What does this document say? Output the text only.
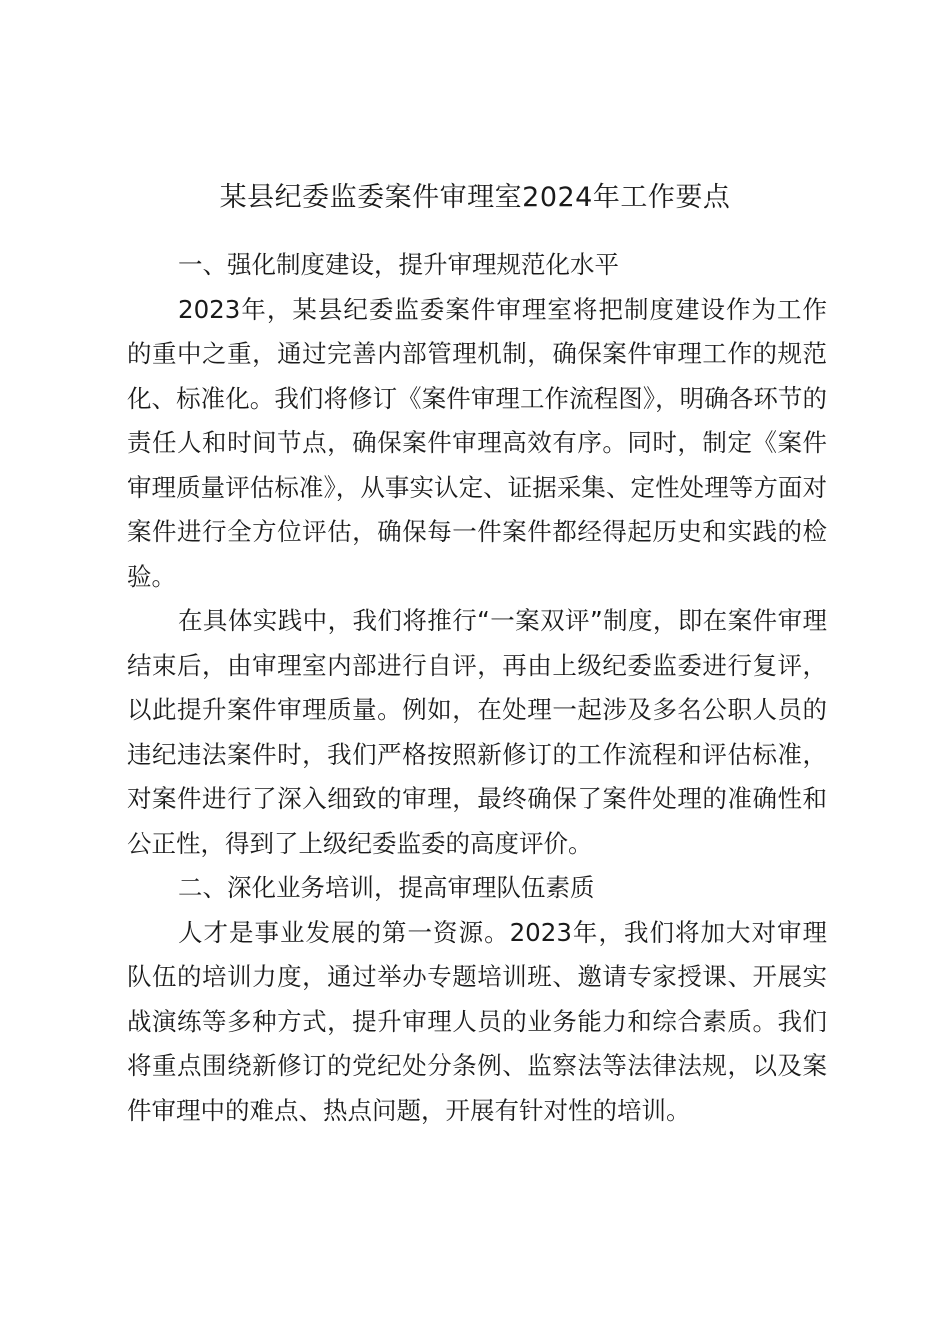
某县纪委监委案件审理室2024年工作要点

一、强化制度建设，提升审理规范化水平

2023年，某县纪委监委案件审理室将把制度建设作为工作的重中之重，通过完善内部管理机制，确保案件审理工作的规范化、标准化。我们将修订《案件审理工作流程图》，明确各环节的责任人和时间节点，确保案件审理高效有序。同时，制定《案件审理质量评估标准》，从事实认定、证据采集、定性处理等方面对案件进行全方位评估，确保每一件案件都经得起历史和实践的检验。

在具体实践中，我们将推行“一案双评”制度，即在案件审理结束后，由审理室内部进行自评，再由上级纪委监委进行复评，以此提升案件审理质量。例如，在处理一起涉及多名公职人员的违纪违法案件时，我们严格按照新修订的工作流程和评估标准，对案件进行了深入细致的审理，最终确保了案件处理的准确性和公正性，得到了上级纪委监委的高度评价。

二、深化业务培训，提高审理队伍素质

人才是事业发展的第一资源。2023年，我们将加大对审理队伍的培训力度，通过举办专题培训班、邀请专家授课、开展实战演练等多种方式，提升审理人员的业务能力和综合素质。我们将重点围绕新修订的党纪处分条例、监察法等法律法规，以及案件审理中的难点、热点问题，开展有针对性的培训。
